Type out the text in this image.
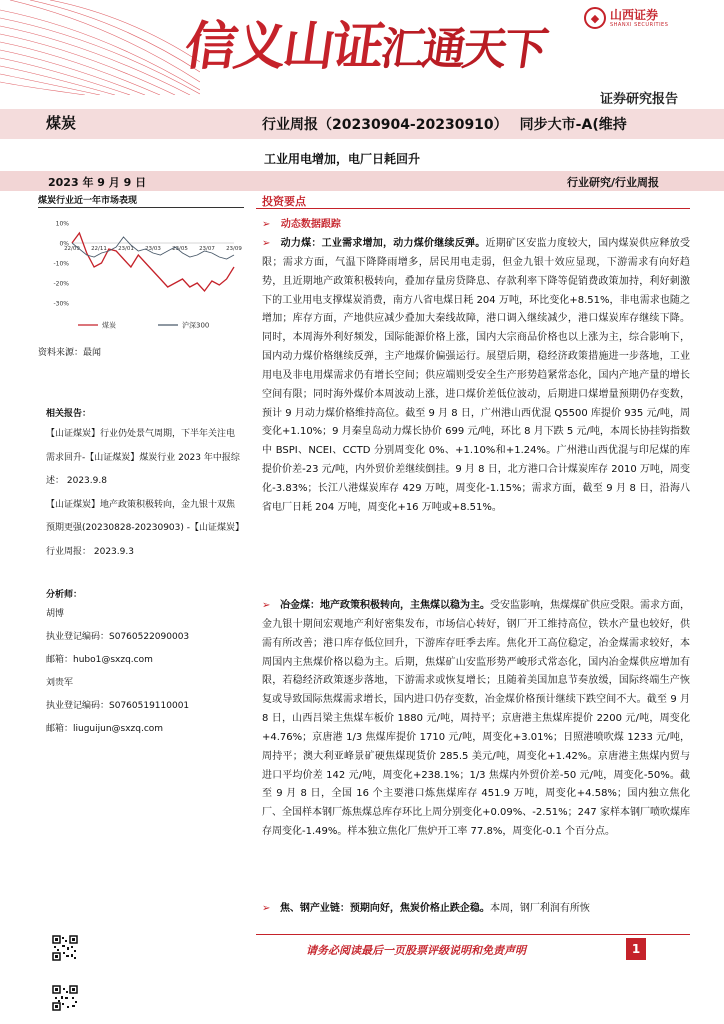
信义山证汇通天下
◆ 山西证券
SHANXI SECURITIES
证券研究报告
煤炭	行业周报（20230904-20230910） 同步大市-A(维持
工业用电增加，电厂日耗回升
2023 年 9 月 9 日	行业研究/行业周报
煤炭行业近一年市场表现
10%
0%
-10%
-20%
-30%
22/09 22/11 23/01 23/03 23/05 23/07 23/09
煤炭	沪深300
资料来源：最闻
相关报告：
【山证煤炭】行业仍处景气周期，下半年关注电需求回升-【山证煤炭】煤炭行业 2023 年中报综述： 2023.9.8
【山证煤炭】地产政策积极转向，金九银十双焦预期更强(20230828-20230903) -【山证煤炭】行业周报： 2023.9.3
分析师：
胡博
执业登记编码：S0760522090003
邮箱：hubo1@sxzq.com
刘贵军
执业登记编码：S0760519110001
邮箱：liuguijun@sxzq.com
投资要点
➢ 动态数据跟踪
➢ 动力煤：工业需求增加，动力煤价继续反弹。近期矿区安监力度较大，国内煤炭供应释放受限；需求方面，气温下降降雨增多，居民用电走弱，但金九银十效应显现，下游需求有向好趋势，且近期地产政策积极转向，叠加存量房贷降息、存款利率下降等促销费政策加持，利好刺激下的工业用电支撑煤炭消费，南方八省电煤日耗 204 万吨，环比变化+8.51%，非电需求也随之增加；库存方面，产地供应减少叠加大秦线故障，港口调入继续减少，港口煤炭库存继续下降。同时，本周海外利好频发，国际能源价格上涨，国内大宗商品价格也以上涨为主，综合影响下，国内动力煤价格继续反弹，主产地煤价偏强运行。展望后期，稳经济政策措施进一步落地，工业用电及非电用煤需求仍有增长空间；供应端则受安全生产形势趋紧常态化，国内产地产量的增长空间有限；同时海外煤价本周波动上涨，进口煤价差低位波动，后期进口煤增量预期仍存变数，预计 9 月动力煤价格维持高位。截至 9 月 8 日，广州港山西优混 Q5500 库提价 935 元/吨，周变化+1.10%；9 月秦皇岛动力煤长协价 699 元/吨，环比 8 月下跌 5 元/吨，本周长协挂钩指数中 BSPI、NCEI、CCTD 分别周变化 0%、+1.10%和+1.24%。广州港山西优混与印尼煤的库提价价差-23 元/吨，内外贸价差继续倒挂。9 月 8 日，北方港口合计煤炭库存 2010 万吨，周变化-3.83%；长江八港煤炭库存 429 万吨，周变化-1.15%；需求方面，截至 9 月 8 日，沿海八省电厂日耗 204 万吨，周变化+16 万吨或+8.51%。
➢ 冶金煤：地产政策积极转向，主焦煤以稳为主。受安监影响，焦煤煤矿供应受限。需求方面，金九银十期间宏观地产利好密集发布，市场信心转好，钢厂开工维持高位，铁水产量也较好，供需有所改善；港口库存低位回升，下游库存旺季去库。焦化开工高位稳定，冶金煤需求较好，本周国内主焦煤价格以稳为主。后期，焦煤矿山安监形势严峻形式常态化，国内冶金煤供应增加有限，若稳经济政策逐步落地，下游需求或恢复增长；且随着美国加息节奏放缓，国际终端生产恢复或导致国际焦煤需求增长，国内进口仍存变数，冶金煤价格预计继续下跌空间不大。截至 9 月 8 日，山西吕梁主焦煤车板价 1880 元/吨，周持平；京唐港主焦煤库提价 2200 元/吨，周变化+4.76%；京唐港 1/3 焦煤库提价 1710 元/吨，周变化+3.01%；日照港喷吹煤 1233 元/吨，周持平；澳大利亚峰景矿硬焦煤现货价 285.5 美元/吨，周变化+1.42%。京唐港主焦煤内贸与进口平均价差 142 元/吨，周变化+238.1%；1/3 焦煤内外贸价差-50 元/吨，周变化-50%。截至 9 月 8 日，全国 16 个主要港口炼焦煤库存 451.9 万吨，周变化+4.58%；国内独立焦化厂、全国样本钢厂炼焦煤总库存环比上周分别变化+0.09%、-2.51%；247 家样本钢厂喷吹煤库存周变化-1.49%。样本独立焦化厂焦炉开工率 77.8%，周变化-0.1 个百分点。
➢ 焦、钢产业链：预期向好，焦炭价格止跌企稳。本周，钢厂利润有所恢
请务必阅读最后一页股票评级说明和免责声明	1
